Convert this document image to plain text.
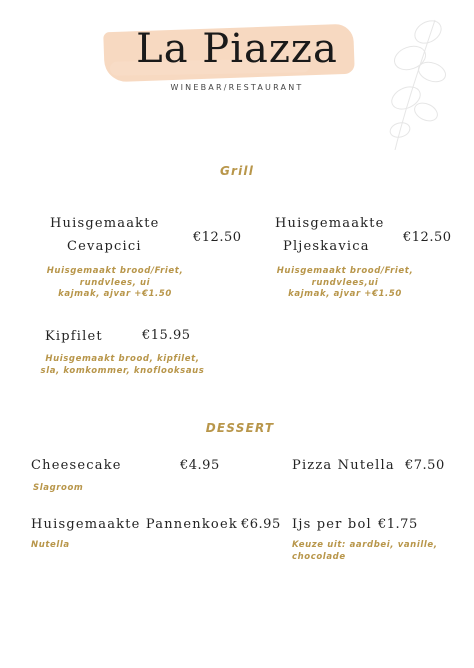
La Piazza
WINEBAR/RESTAURANT
Grill
Huisgemaakte
Cevapcici
€12.50
Huisgemaakt brood/Friet,
rundvlees, ui
kajmak, ajvar +€1.50
Huisgemaakte
Pljeskavica
€12.50
Huisgemaakt brood/Friet,
rundvlees,ui
kajmak, ajvar +€1.50
Kipfilet	€15.95
Huisgemaakt brood, kipfilet,
sla, komkommer, knoflooksaus
DESSERT
Cheesecake	€4.95
Slagroom
Pizza Nutella €7.50
Huisgemaakte Pannenkoek €6.95
Nutella
Ijs per bol €1.75
Keuze uit: aardbei, vanille,
chocolade
